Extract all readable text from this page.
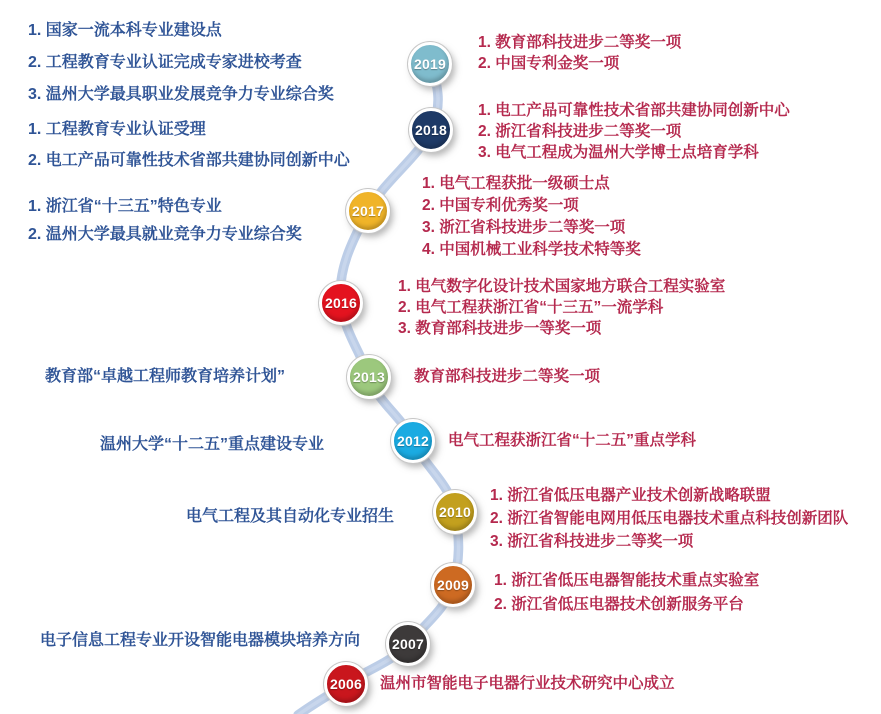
2019
1. 国家一流本科专业建设点
2. 工程教育专业认证完成专家进校考查
3. 温州大学最具职业发展竞争力专业综合奖
1. 教育部科技进步二等奖一项
2. 中国专利金奖一项
2018
1. 工程教育专业认证受理
2. 电工产品可靠性技术省部共建协同创新中心
1. 电工产品可靠性技术省部共建协同创新中心
2. 浙江省科技进步二等奖一项
3. 电气工程成为温州大学博士点培育学科
2017
1. 浙江省“十三五”特色专业
2. 温州大学最具就业竞争力专业综合奖
1. 电气工程获批一级硕士点
2. 中国专利优秀奖一项
3. 浙江省科技进步二等奖一项
4. 中国机械工业科学技术特等奖
2016
1. 电气数字化设计技术国家地方联合工程实验室
2. 电气工程获浙江省“十三五”一流学科
3. 教育部科技进步一等奖一项
2013
教育部“卓越工程师教育培养计划”	教育部科技进步二等奖一项
2012
温州大学“十二五”重点建设专业	电气工程获浙江省“十二五”重点学科
2010
电气工程及其自动化专业招生
1. 浙江省低压电器产业技术创新战略联盟
2. 浙江省智能电网用低压电器技术重点科技创新团队
3. 浙江省科技进步二等奖一项
2009 1. 浙江省低压电器智能技术重点实验室
2. 浙江省低压电器技术创新服务平台
2007
电子信息工程专业开设智能电器模块培养方向
2006 温州市智能电子电器行业技术研究中心成立
